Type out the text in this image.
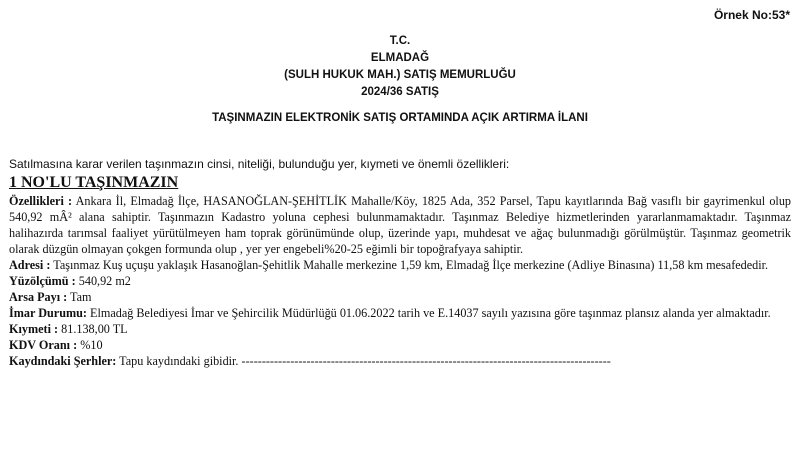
Örnek No:53*
T.C.
ELMADAĞ
(SULH HUKUK MAH.) SATIŞ MEMURLUĞU
2024/36 SATIŞ
TAŞINMAZIN ELEKTRONİK SATIŞ ORTAMINDA AÇIK ARTIRMA İLANI
Satılmasına karar verilen taşınmazın cinsi, niteliği, bulunduğu yer, kıymeti ve önemli özellikleri:
1 NO'LU TAŞINMAZIN

Özellikleri : Ankara İl, Elmadağ İlçe, HASANOĞLAN-ŞEHİTLİK Mahalle/Köy, 1825 Ada, 352 Parsel, Tapu kayıtlarında Bağ vasıflı bir gayrimenkul olup 540,92 mÂ² alana sahiptir. Taşınmazın Kadastro yoluna cephesi bulunmamaktadır. Taşınmaz Belediye hizmetlerinden yararlanmamaktadır. Taşınmaz halihazırda tarımsal faaliyet yürütülmeyen ham toprak görünümünde olup, üzerinde yapı, muhdesat ve ağaç bulunmadığı görülmüştür. Taşınmaz geometrik olarak düzgün olmayan çokgen formunda olup , yer yer engebeli%20-25 eğimli bir topoğrafyaya sahiptir.

Adresi : Taşınmaz Kuş uçuşu yaklaşık Hasanoğlan-Şehitlik Mahalle merkezine 1,59 km, Elmadağ İlçe merkezine (Adliye Binasına) 11,58 km mesafededir.

Yüzölçümü : 540,92 m2

Arsa Payı : Tam

İmar Durumu: Elmadağ Belediyesi İmar ve Şehircilik Müdürlüğü 01.06.2022 tarih ve E.14037 sayılı yazısına göre taşınmaz plansız alanda yer almaktadır.

Kıymeti : 81.138,00 TL

KDV Oranı : %10

Kaydındaki Şerhler: Tapu kaydındaki gibidir. -------------------------------------------------------------------------------------------
